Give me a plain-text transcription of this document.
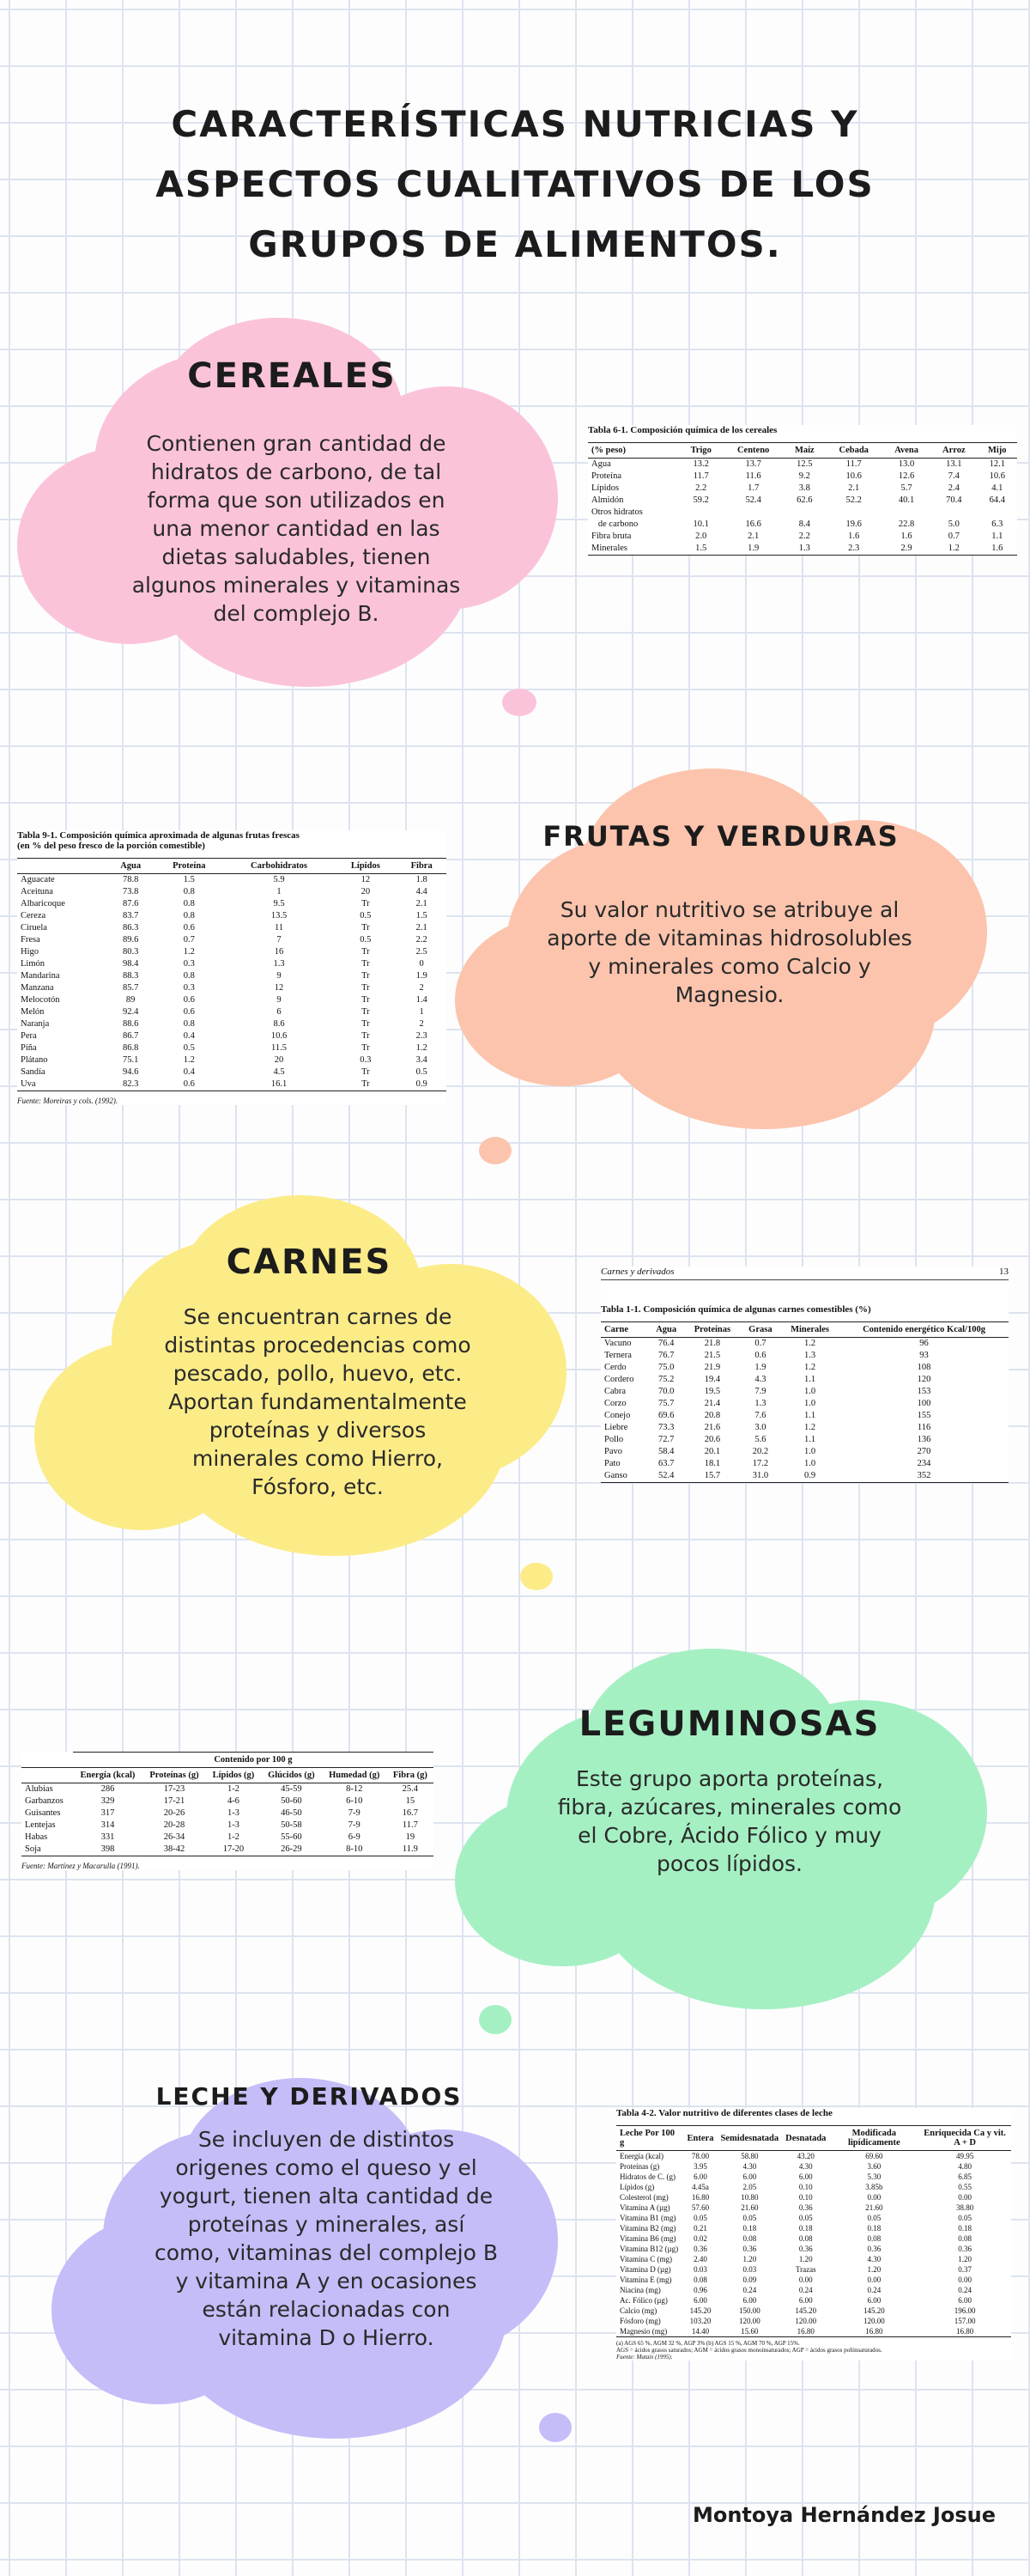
CARACTERÍSTICAS NUTRICIAS Y
ASPECTOS CUALITATIVOS DE LOS
GRUPOS DE ALIMENTOS.
CEREALES
Contienen gran cantidad de hidratos de carbono, de tal forma que son utilizados en una menor cantidad en las dietas saludables, tienen algunos minerales y vitaminas del complejo B.
Tabla 6-1. Composición química de los cereales
(% peso)	Trigo	Centeno	Maíz	Cebada	Avena	Arroz	Mijo
Agua	13.2	13.7	12.5	11.7	13.0	13.1	12.1
Proteína	11.7	11.6	9.2	10.6	12.6	7.4	10.6
Lípidos	2.2	1.7	3.8	2.1	5.7	2.4	4.1
Almidón	59.2	52.4	62.6	52.2	40.1	70.4	64.4
Otros hidratos							
de carbono	10.1	16.6	8.4	19.6	22.8	5.0	6.3
Fibra bruta	2.0	2.1	2.2	1.6	1.6	0.7	1.1
Minerales	1.5	1.9	1.3	2.3	2.9	1.2	1.6
Tabla 9-1. Composición química aproximada de algunas frutas frescas
(en % del peso fresco de la porción comestible)
	Agua	Proteína	Carbohidratos	Lípidos	Fibra
Aguacate	78.8	1.5	5.9	12	1.8
Aceituna	73.8	0.8	1	20	4.4
Albaricoque	87.6	0.8	9.5	Tr	2.1
Cereza	83.7	0.8	13.5	0.5	1.5
Ciruela	86.3	0.6	11	Tr	2.1
Fresa	89.6	0.7	7	0.5	2.2
Higo	80.3	1.2	16	Tr	2.5
Limón	98.4	0.3	1.3	Tr	0
Mandarina	88.3	0.8	9	Tr	1.9
Manzana	85.7	0.3	12	Tr	2
Melocotón	89	0.6	9	Tr	1.4
Melón	92.4	0.6	6	Tr	1
Naranja	88.6	0.8	8.6	Tr	2
Pera	86.7	0.4	10.6	Tr	2.3
Piña	86.8	0.5	11.5	Tr	1.2
Plátano	75.1	1.2	20	0.3	3.4
Sandía	94.6	0.4	4.5	Tr	0.5
Uva	82.3	0.6	16.1	Tr	0.9
Fuente: Moreiras y cols. (1992).
FRUTAS Y VERDURAS
Su valor nutritivo se atribuye al aporte de vitaminas hidrosolubles y minerales como Calcio y Magnesio.
CARNES
Se encuentran carnes de distintas procedencias como pescado, pollo, huevo, etc. Aportan fundamentalmente proteínas y diversos minerales como Hierro, Fósforo, etc.
Carnes y derivados	13
Tabla 1-1. Composición química de algunas carnes comestibles (%)
Carne	Agua	Proteínas	Grasa	Minerales	Contenido energético Kcal/100g
Vacuno	76.4	21.8	0.7	1.2	96
Ternera	76.7	21.5	0.6	1.3	93
Cerdo	75.0	21.9	1.9	1.2	108
Cordero	75.2	19.4	4.3	1.1	120
Cabra	70.0	19.5	7.9	1.0	153
Corzo	75.7	21.4	1.3	1.0	100
Conejo	69.6	20.8	7.6	1.1	155
Liebre	73.3	21.6	3.0	1.2	116
Pollo	72.7	20.6	5.6	1.1	136
Pavo	58.4	20.1	20.2	1.0	270
Pato	63.7	18.1	17.2	1.0	234
Ganso	52.4	15.7	31.0	0.9	352
	Contenido por 100 g					
	Energía (kcal)	Proteínas (g)	Lípidos (g)	Glúcidos (g)	Humedad (g)	Fibra (g)
Alubias	286	17-23	1-2	45-59	8-12	25.4
Garbanzos	329	17-21	4-6	50-60	6-10	15
Guisantes	317	20-26	1-3	46-50	7-9	16.7
Lentejas	314	20-28	1-3	50-58	7-9	11.7
Habas	331	26-34	1-2	55-60	6-9	19
Soja	398	38-42	17-20	26-29	8-10	11.9
Fuente: Martínez y Macarulla (1991).
LEGUMINOSAS
Este grupo aporta proteínas, fibra, azúcares, minerales como el Cobre, Ácido Fólico y muy pocos lípidos.
LECHE Y DERIVADOS
Se incluyen de distintos origenes como el queso y el yogurt, tienen alta cantidad de proteínas y minerales, así como, vitaminas del complejo B y vitamina A y en ocasiones están relacionadas con vitamina D o Hierro.
Tabla 4-2. Valor nutritivo de diferentes clases de leche
Leche Por 100 g	Entera	Semidesnatada	Desnatada	Modificada lipídicamente	Enriquecida Ca y vit. A + D
Energía (kcal)	78.00	58.80	43.20	69.60	49.95
Proteínas (g)	3.95	4.30	4.30	3.60	4.80
Hidratos de C. (g)	6.00	6.00	6.00	5.30	6.85
Lípidos (g)	4.45a	2.05	0.10	3.85b	0.55
Colesterol (mg)	16.80	10.80	0.10	0.00	0.00
Vitamina A (µg)	57.60	21.60	0.36	21.60	38.80
Vitamina B1 (mg)	0.05	0.05	0.05	0.05	0.05
Vitamina B2 (mg)	0.21	0.18	0.18	0.18	0.18
Vitamina B6 (mg)	0.02	0.08	0.08	0.08	0.08
Vitamina B12 (µg)	0.36	0.36	0.36	0.36	0.36
Vitamina C (mg)	2.40	1.20	1.20	4.30	1.20
Vitamina D (µg)	0.03	0.03	Trazas	1.20	0.37
Vitamina E (mg)	0.08	0.09	0.00	0.00	0.00
Niacina (mg)	0.96	0.24	0.24	0.24	0.24
Ac. Fólico (µg)	6.00	6.00	6.00	6.00	6.00
Calcio (mg)	145.20	150.00	145.20	145.20	196.00
Fósforo (mg)	103.20	120.00	120.00	120.00	157.00
Magnesio (mg)	14.40	15.60	16.80	16.80	16.80
(a) AGS 65 %, AGM 32 %, AGP 3% (b) AGS 15 %, AGM 70 %, AGP 15%.
AGS = ácidos grasos saturados; AGM = ácidos grasos monoinsaturados; AGP = ácidos grasos poliinsaturados.
Fuente: Mataix (1995).
Montoya Hernández Josue
